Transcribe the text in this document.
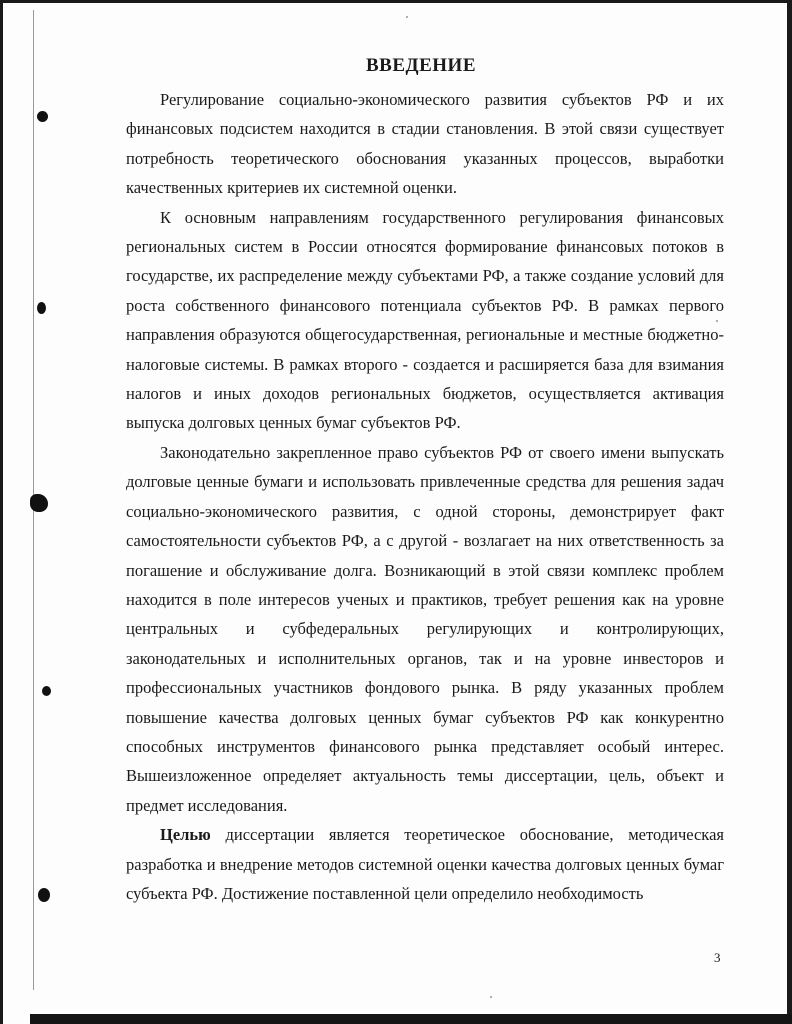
ВВЕДЕНИЕ

Регулирование социально-экономического развития субъектов РФ и их финансовых подсистем находится в стадии становления. В этой связи существует потребность теоретического обоснования указанных процессов, выработки качественных критериев их системной оценки.

К основным направлениям государственного регулирования финансовых региональных систем в России относятся формирование финансовых потоков в государстве, их распределение между субъектами РФ, а также создание условий для роста собственного финансового потенциала субъектов РФ. В рамках первого направления образуются общегосударственная, региональные и местные бюджетно-налоговые системы. В рамках второго - создается и расширяется база для взимания налогов и иных доходов региональных бюджетов, осуществляется активация выпуска долговых ценных бумаг субъектов РФ.

Законодательно закрепленное право субъектов РФ от своего имени выпускать долговые ценные бумаги и использовать привлеченные средства для решения задач социально-экономического развития, с одной стороны, демонстрирует факт самостоятельности субъектов РФ, а с другой - возлагает на них ответственность за погашение и обслуживание долга. Возникающий в этой связи комплекс проблем находится в поле интересов ученых и практиков, требует решения как на уровне центральных и субфедеральных регулирующих и контролирующих, законодательных и исполнительных органов, так и на уровне инвесторов и профессиональных участников фондового рынка. В ряду указанных проблем повышение качества долговых ценных бумаг субъектов РФ как конкурентно способных инструментов финансового рынка представляет особый интерес. Вышеизложенное определяет актуальность темы диссертации, цель, объект и предмет исследования.

Целью диссертации является теоретическое обоснование, методическая разработка и внедрение методов системной оценки качества долговых ценных бумаг субъекта РФ. Достижение поставленной цели определило необходимость

3
